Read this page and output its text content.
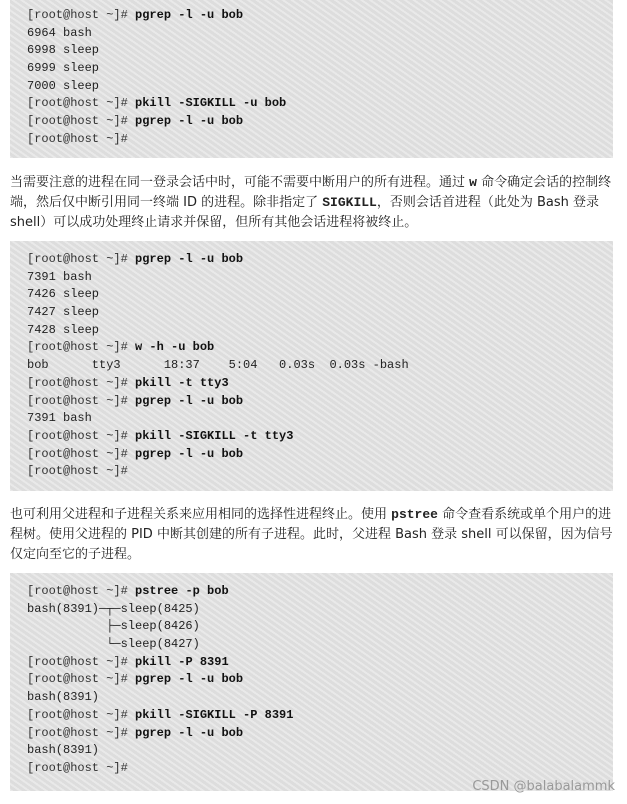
[root@host ~]# pgrep -l -u bob
6964 bash
6998 sleep
6999 sleep
7000 sleep
[root@host ~]# pkill -SIGKILL -u bob
[root@host ~]# pgrep -l -u bob
[root@host ~]#

当需要注意的进程在同一登录会话中时，可能不需要中断用户的所有进程。通过 w 命令确定会话的控制终端，然后仅中断引用同一终端 ID 的进程。除非指定了 SIGKILL，否则会话首进程（此处为 Bash 登录 shell）可以成功处理终止请求并保留，但所有其他会话进程将被终止。

[root@host ~]# pgrep -l -u bob
7391 bash
7426 sleep
7427 sleep
7428 sleep
[root@host ~]# w -h -u bob
bob      tty3      18:37    5:04   0.03s  0.03s -bash
[root@host ~]# pkill -t tty3
[root@host ~]# pgrep -l -u bob
7391 bash
[root@host ~]# pkill -SIGKILL -t tty3
[root@host ~]# pgrep -l -u bob
[root@host ~]#

也可利用父进程和子进程关系来应用相同的选择性进程终止。使用 pstree 命令查看系统或单个用户的进程树。使用父进程的 PID 中断其创建的所有子进程。此时，父进程 Bash 登录 shell 可以保留，因为信号仅定向至它的子进程。

[root@host ~]# pstree -p bob
bash(8391)─┬─sleep(8425)
├─sleep(8426)
└─sleep(8427)
[root@host ~]# pkill -P 8391
[root@host ~]# pgrep -l -u bob
bash(8391)
[root@host ~]# pkill -SIGKILL -P 8391
[root@host ~]# pgrep -l -u bob
bash(8391)
[root@host ~]#
CSDN @balabalammk
